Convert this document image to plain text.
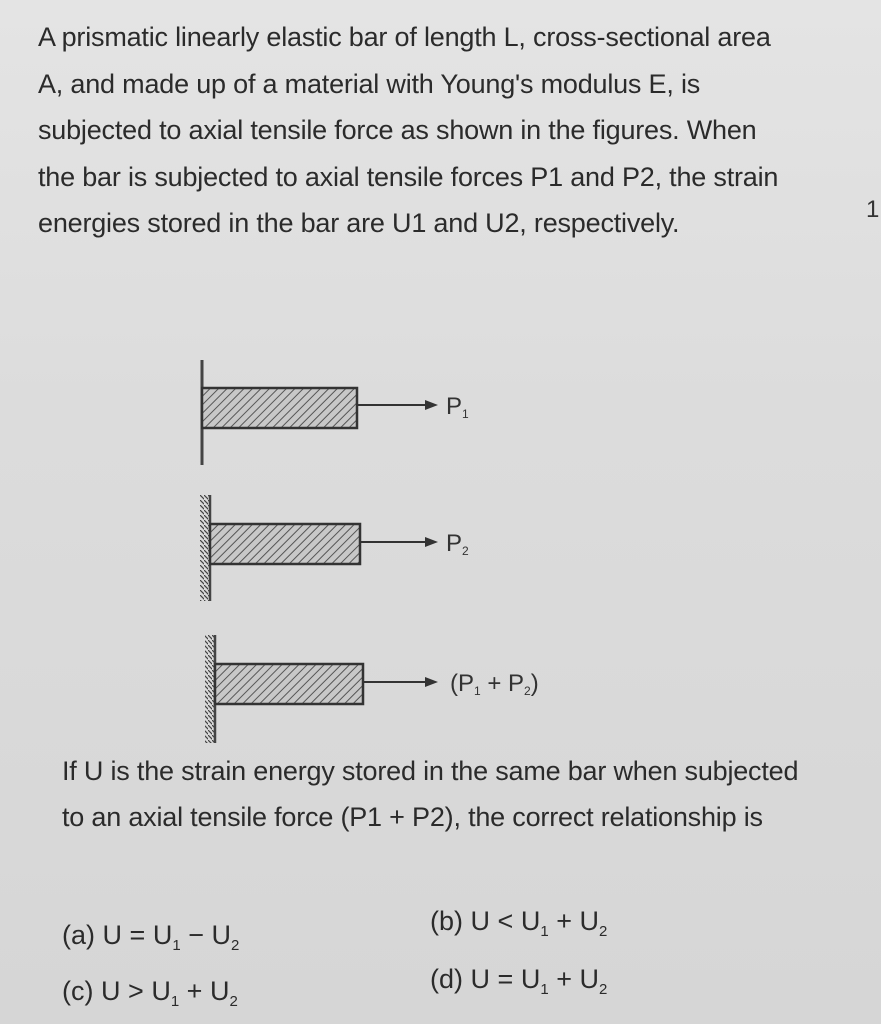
A prismatic linearly elastic bar of length L, cross-sectional area A, and made up of a material with Young's modulus E, is subjected to axial tensile force as shown in the figures. When the bar is subjected to axial tensile forces P1 and P2, the strain energies stored in the bar are U1 and U2, respectively.	1
P1
P2
(P1 + P2)
If U is the strain energy stored in the same bar when subjected to an axial tensile force (P1 + P2), the correct relationship is
(a) $U = U_1 - U_2$
(b) $U < U_1 + U_2$
(c) $U > U_1 + U_2$
(d) $U = U_1 + U_2$
